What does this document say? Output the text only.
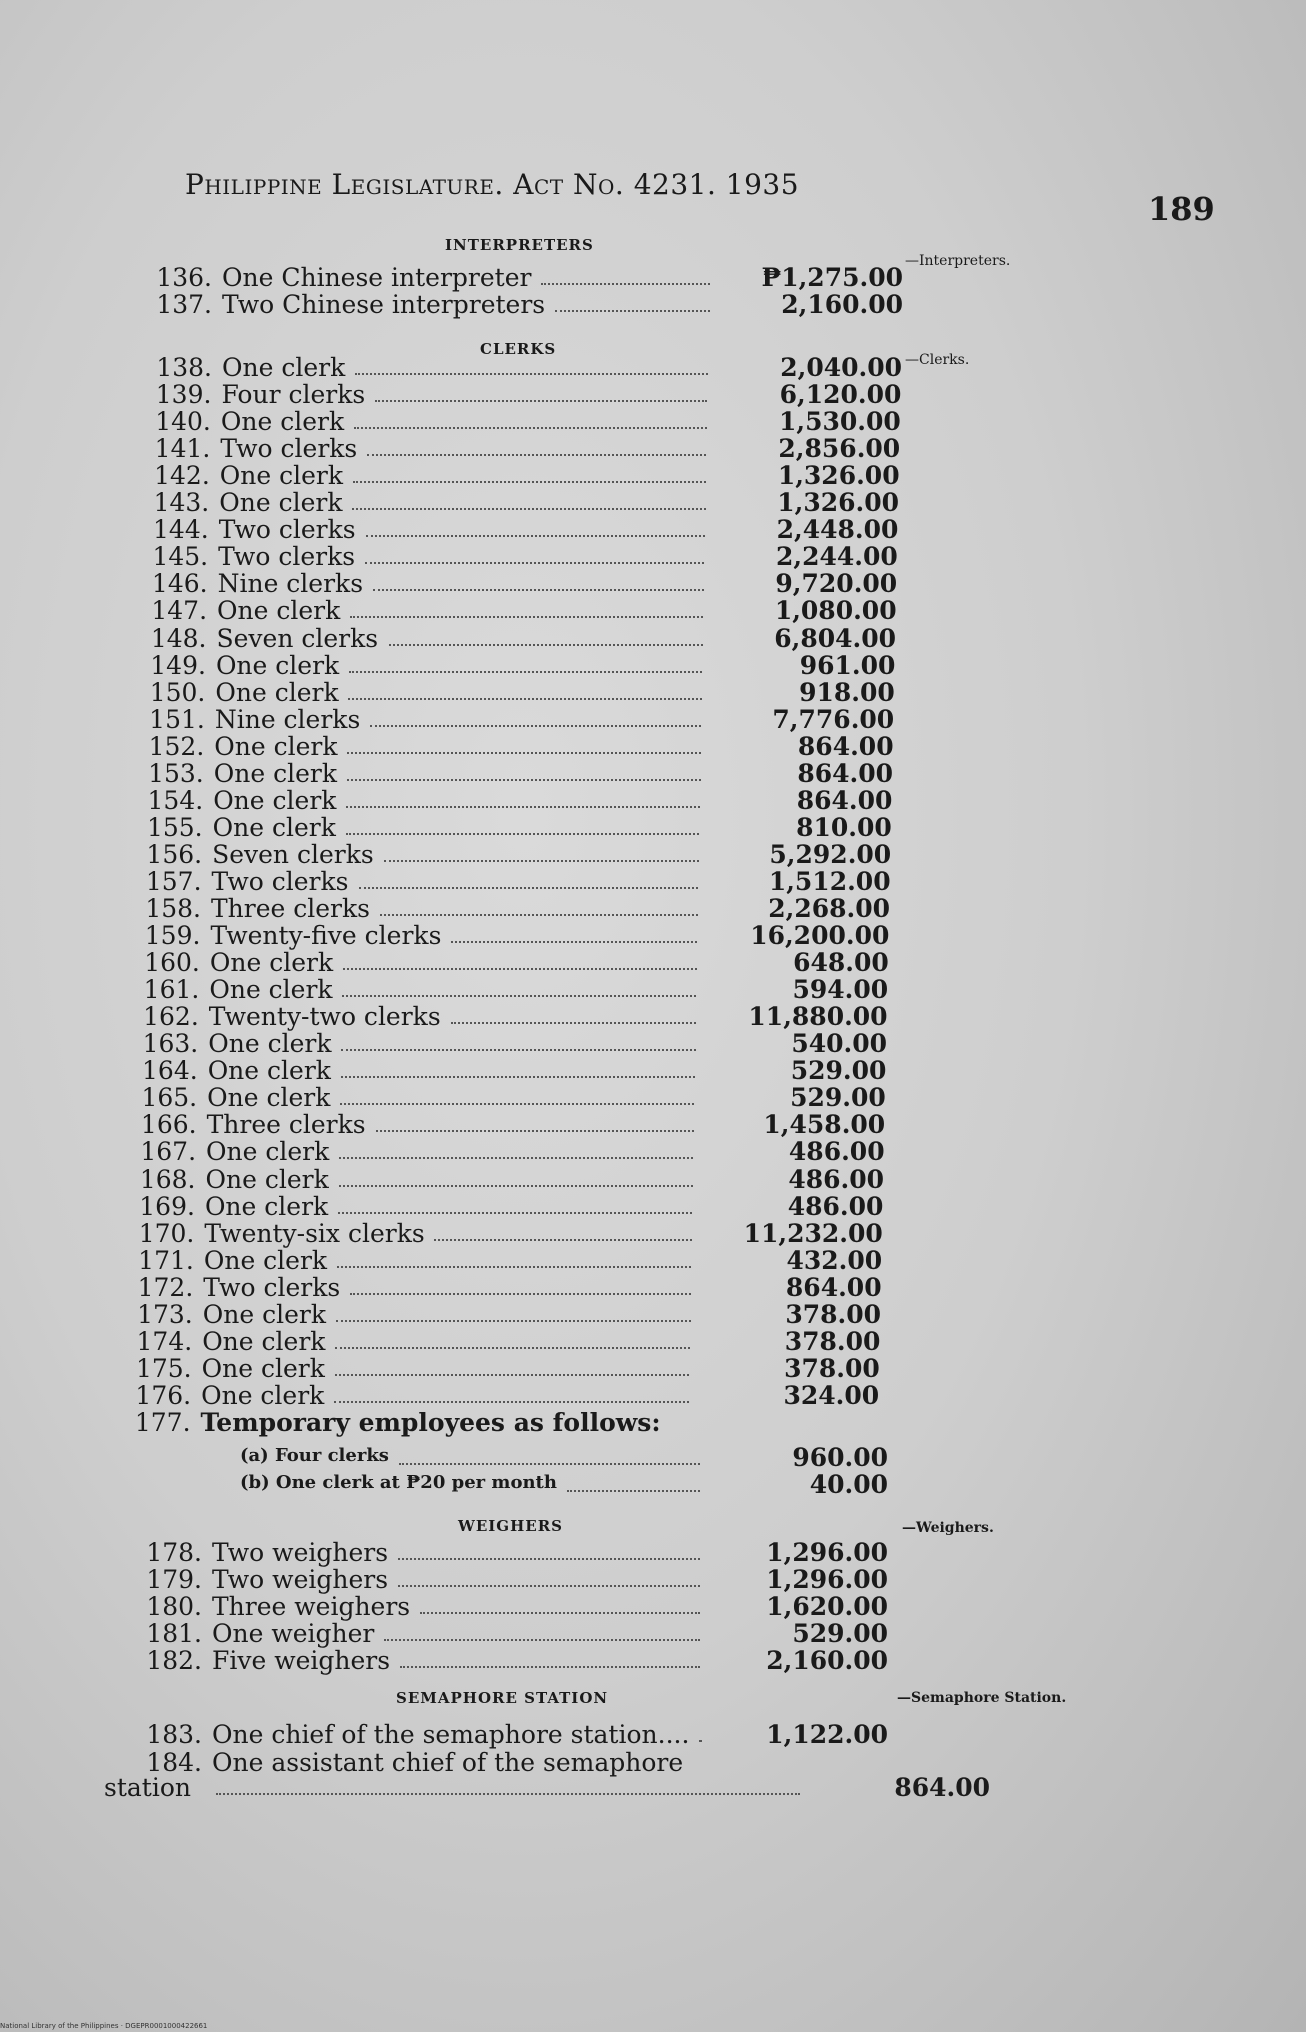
Philippine Legislature. Act No. 4231. 1935
189
INTERPRETERS
—Interpreters.
CLERKS
—Clerks.
WEIGHERS	—Weighers.
SEMAPHORE STATION	—Semaphore Station.
136. One Chinese interpreter	₱1,275.00
137. Two Chinese interpreters	2,160.00
138. One clerk	2,040.00
139. Four clerks	6,120.00
140. One clerk	1,530.00
141. Two clerks	2,856.00
142. One clerk	1,326.00
143. One clerk	1,326.00
144. Two clerks	2,448.00
145. Two clerks	2,244.00
146. Nine clerks	9,720.00
147. One clerk	1,080.00
148. Seven clerks	6,804.00
149. One clerk	961.00
150. One clerk	918.00
151. Nine clerks	7,776.00
152. One clerk	864.00
153. One clerk	864.00
154. One clerk	864.00
155. One clerk	810.00
156. Seven clerks	5,292.00
157. Two clerks	1,512.00
158. Three clerks	2,268.00
159. Twenty-five clerks	16,200.00
160. One clerk	648.00
161. One clerk	594.00
162. Twenty-two clerks	11,880.00
163. One clerk	540.00
164. One clerk	529.00
165. One clerk	529.00
166. Three clerks	1,458.00
167. One clerk	486.00
168. One clerk	486.00
169. One clerk	486.00
170. Twenty-six clerks	11,232.00
171. One clerk	432.00
172. Two clerks	864.00
173. One clerk	378.00
174. One clerk	378.00
175. One clerk	378.00
176. One clerk	324.00
177. Temporary employees as follows:
(a) Four clerks	960.00
(b) One clerk at ₱20 per month	40.00
178. Two weighers	1,296.00
179. Two weighers	1,296.00
180. Three weighers	1,620.00
181. One weigher	529.00
182. Five weighers	2,160.00
183. One chief of the semaphore station....	1,122.00
184. One assistant chief of the semaphore
station	864.00
National Library of the Philippines · DGEPR0001000422661
